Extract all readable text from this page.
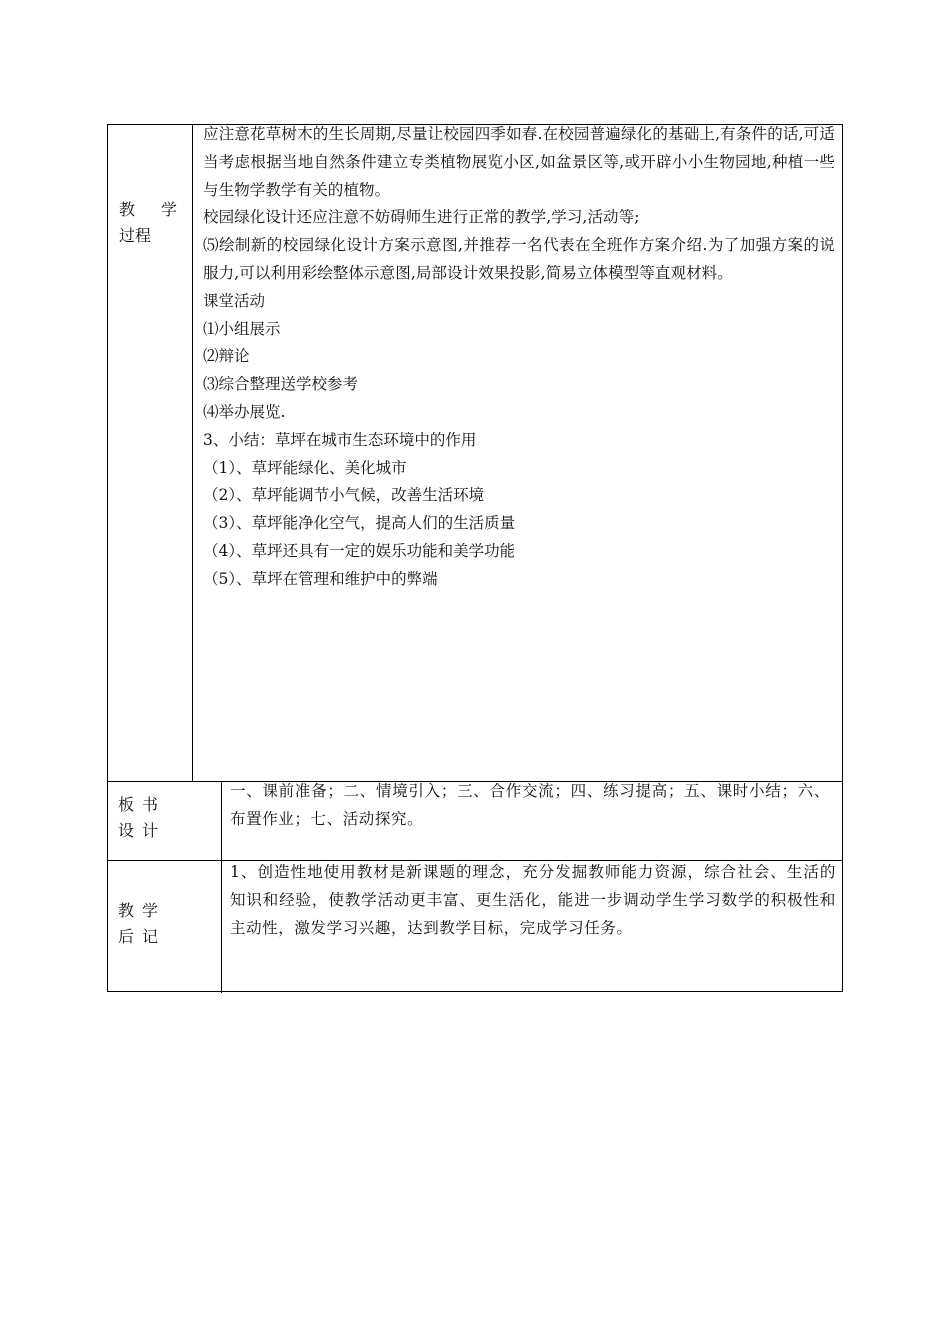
教 学
过程

应注意花草树木的生长周期,尽量让校园四季如春.在校园普遍绿化的基础上,有条件的话,可适当考虑根据当地自然条件建立专类植物展览小区,如盆景区等,或开辟小小生物园地,种植一些与生物学教学有关的植物。

校园绿化设计还应注意不妨碍师生进行正常的教学,学习,活动等;

⑸绘制新的校园绿化设计方案示意图,并推荐一名代表在全班作方案介绍.为了加强方案的说服力,可以利用彩绘整体示意图,局部设计效果投影,简易立体模型等直观材料。

课堂活动

⑴小组展示

⑵辩论

⑶综合整理送学校参考

⑷举办展览.

3、小结：草坪在城市生态环境中的作用

（1）、草坪能绿化、美化城市

（2）、草坪能调节小气候，改善生活环境

（3）、草坪能净化空气，提高人们的生活质量

（4）、草坪还具有一定的娱乐功能和美学功能

（5）、草坪在管理和维护中的弊端

板书
设计

一、课前准备；二、情境引入；三、合作交流；四、练习提高；五、课时小结；六、布置作业；七、活动探究。

教学
后记

1、创造性地使用教材是新课题的理念，充分发掘教师能力资源，综合社会、生活的知识和经验，使教学活动更丰富、更生活化，能进一步调动学生学习数学的积极性和主动性，激发学习兴趣，达到教学目标，完成学习任务。
